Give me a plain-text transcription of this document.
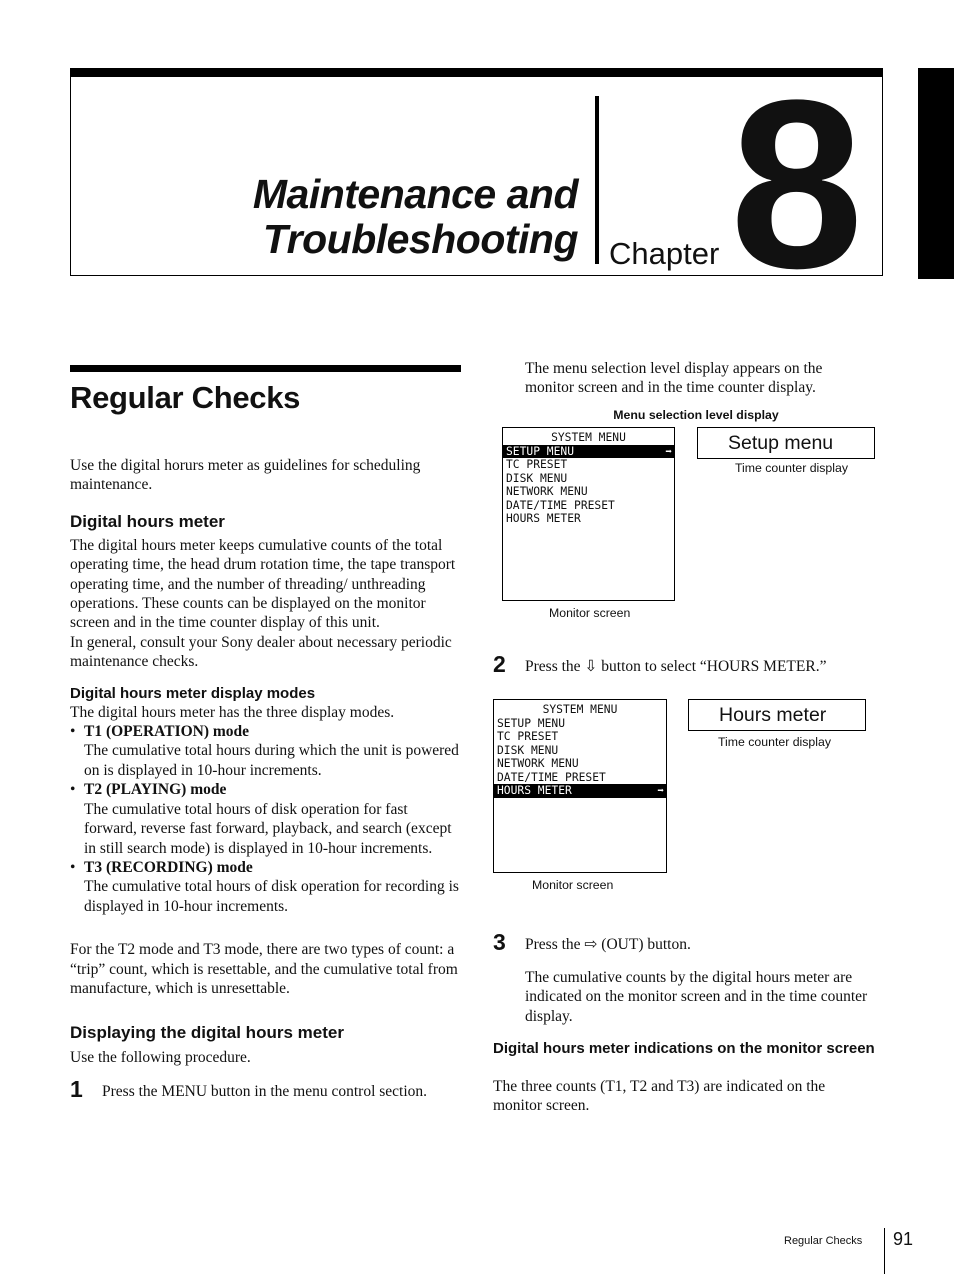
Maintenance and
Troubleshooting Chapter 8
Regular Checks
Use the digital horurs meter as guidelines for scheduling maintenance.
Digital hours meter
The digital hours meter keeps cumulative counts of the total operating time, the head drum rotation time, the tape transport operating time, and the number of threading/ unthreading operations. These counts can be displayed on the monitor screen and in the time counter display of this unit.
In general, consult your Sony dealer about necessary periodic maintenance checks.
Digital hours meter display modes
The digital hours meter has the three display modes.
• T1 (OPERATION) mode
The cumulative total hours during which the unit is powered on is displayed in 10-hour increments.
• T2 (PLAYING) mode
The cumulative total hours of disk operation for fast forward, reverse fast forward, playback, and search (except in still search mode) is displayed in 10-hour increments.
• T3 (RECORDING) mode
The cumulative total hours of disk operation for recording is displayed in 10-hour increments.
For the T2 mode and T3 mode, there are two types of count: a “trip” count, which is resettable, and the cumulative total from manufacture, which is unresettable.
Displaying the digital hours meter
Use the following procedure.
1 Press the MENU button in the menu control section.
The menu selection level display appears on the monitor screen and in the time counter display.
Menu selection level display
SYSTEM MENU
SETUP MENU	➡
TC PRESET
DISK MENU
NETWORK MENU
DATE/TIME PRESET
HOURS METER
Setup menu
Time counter display
Monitor screen
2 Press the ⇩ button to select “HOURS METER.”
SYSTEM MENU
SETUP MENU
TC PRESET
DISK MENU
NETWORK MENU
DATE/TIME PRESET
HOURS METER	➡
Hours meter
Time counter display
Monitor screen
3 Press the ⇨ (OUT) button.
The cumulative counts by the digital hours meter are indicated on the monitor screen and in the time counter display.
Digital hours meter indications on the monitor screen
The three counts (T1, T2 and T3) are indicated on the monitor screen.
Regular Checks 91
